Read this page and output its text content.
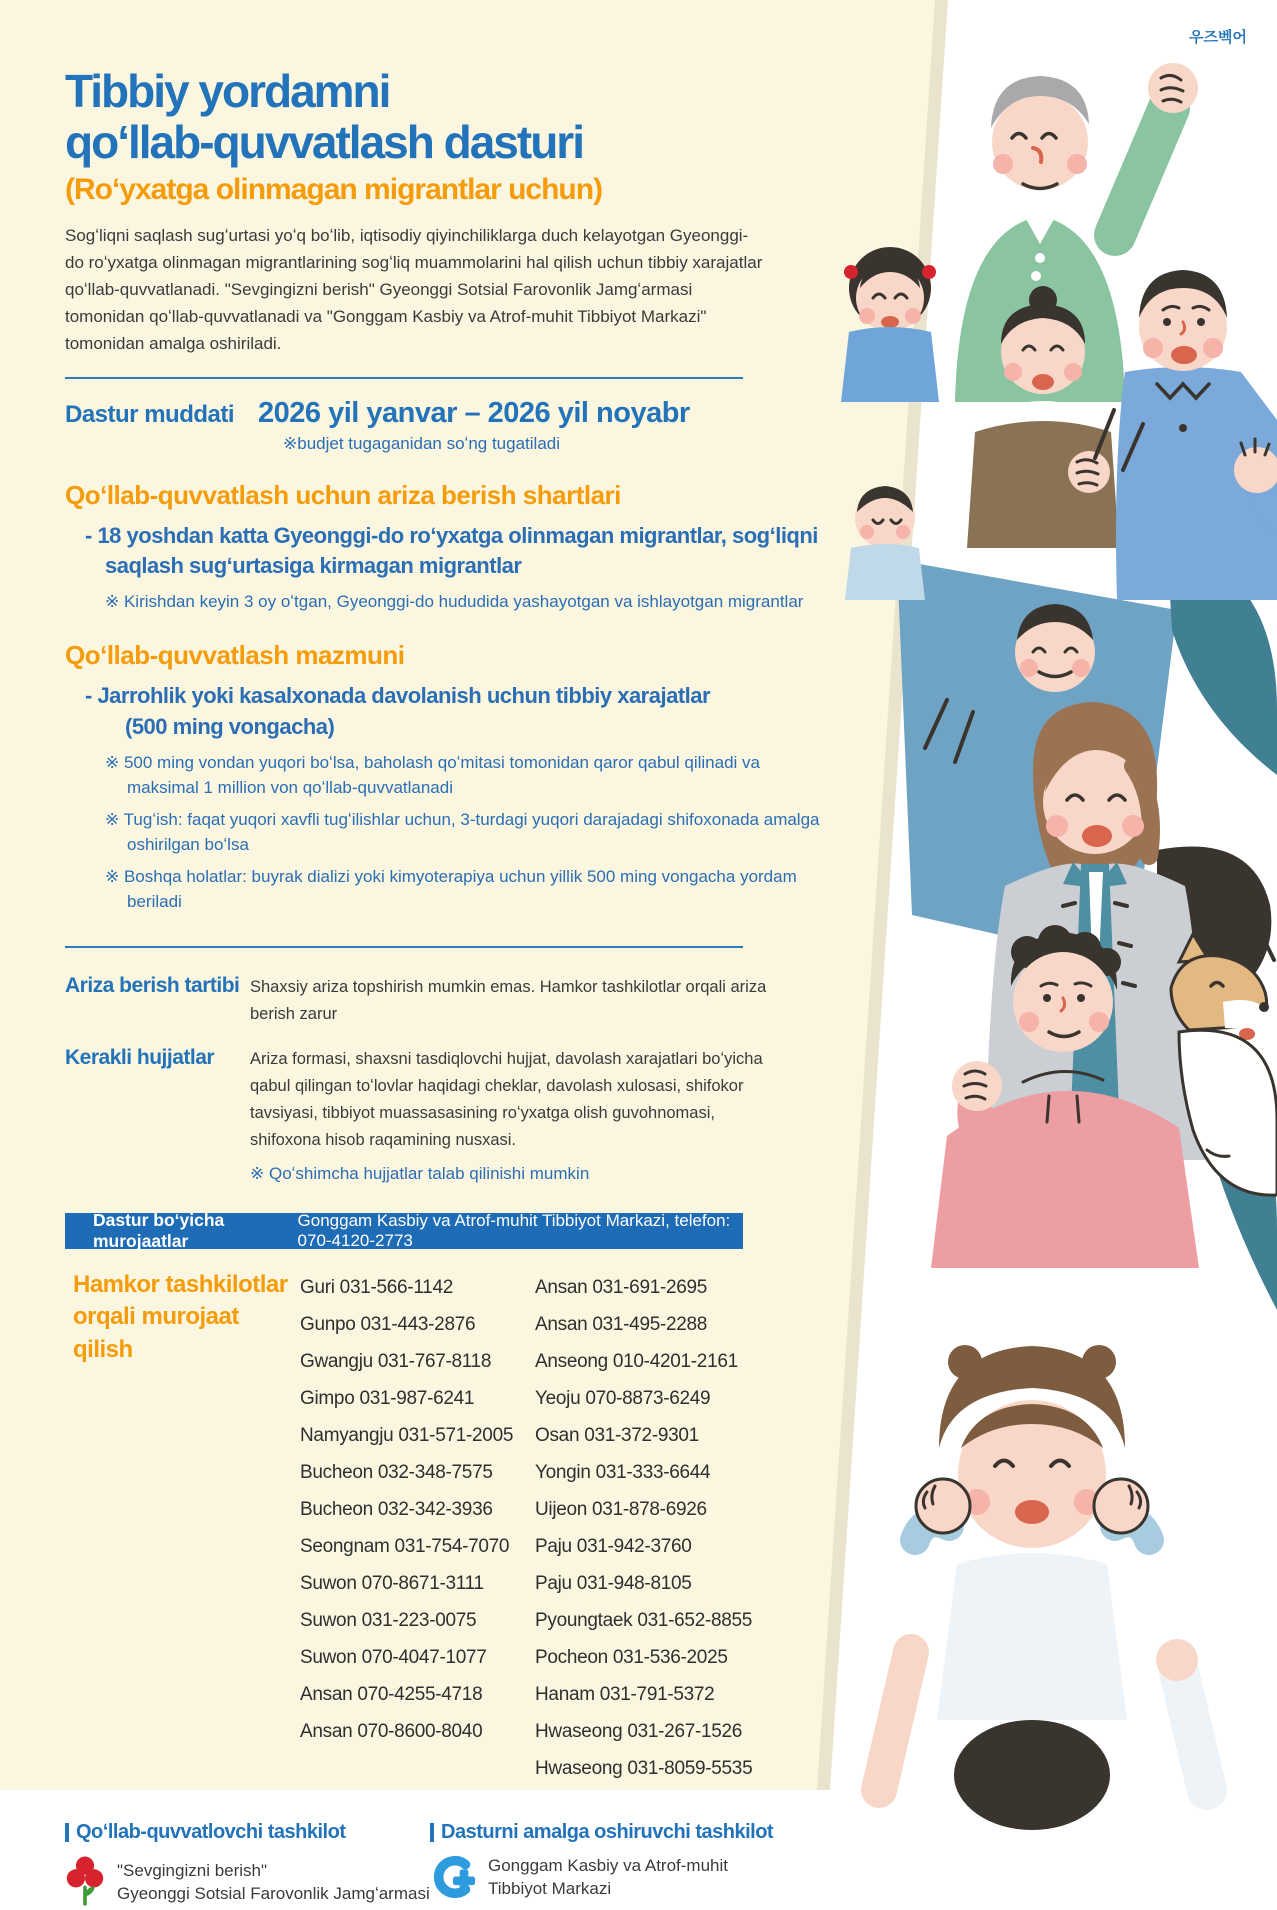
우즈벡어
Tibbiy yordamni
qoʻllab-quvvatlash dasturi
(Roʻyxatga olinmagan migrantlar uchun)

Sogʻliqni saqlash sugʻurtasi yoʻq boʻlib, iqtisodiy qiyinchiliklarga duch kelayotgan Gyeonggi-do roʻyxatga olinmagan migrantlarining sogʻliq muammolarini hal qilish uchun tibbiy xarajatlar qoʻllab-quvvatlanadi. "Sevgingizni berish" Gyeonggi Sotsial Farovonlik Jamgʻarmasi tomonidan qoʻllab-quvvatlanadi va "Gonggam Kasbiy va Atrof-muhit Tibbiyot Markazi" tomonidan amalga oshiriladi.

Dastur muddati 2026 yil yanvar – 2026 yil noyabr
※budjet tugaganidan soʻng tugatiladi
Qoʻllab-quvvatlash uchun ariza berish shartlari
- 18 yoshdan katta Gyeonggi-do roʻyxatga olinmagan migrantlar, sogʻliqni saqlash sugʻurtasiga kirmagan migrantlar
※ Kirishdan keyin 3 oy oʻtgan, Gyeonggi-do hududida yashayotgan va ishlayotgan migrantlar
Qoʻllab-quvvatlash mazmuni
- Jarrohlik yoki kasalxonada davolanish uchun tibbiy xarajatlar
(500 ming vongacha)
※ 500 ming vondan yuqori boʻlsa, baholash qoʻmitasi tomonidan qaror qabul qilinadi va maksimal 1 million von qoʻllab-quvvatlanadi
※ Tugʻish: faqat yuqori xavfli tugʻilishlar uchun, 3-turdagi yuqori darajadagi shifoxonada amalga oshirilgan boʻlsa
※ Boshqa holatlar: buyrak dializi yoki kimyoterapiya uchun yillik 500 ming vongacha yordam beriladi
Ariza berish tartibi Shaxsiy ariza topshirish mumkin emas. Hamkor tashkilotlar orqali ariza berish zarur
Kerakli hujjatlar	Ariza formasi, shaxsni tasdiqlovchi hujjat, davolash xarajatlari boʻyicha qabul qilingan toʻlovlar haqidagi cheklar, davolash xulosasi, shifokor tavsiyasi, tibbiyot muassasasining roʻyxatga olish guvohnomasi, shifoxona hisob raqamining nusxasi.
※ Qoʻshimcha hujjatlar talab qilinishi mumkin
Dastur boʻyicha murojaatlar
Gonggam Kasbiy va Atrof-muhit Tibbiyot Markazi, telefon: 070-4120-2773
Hamkor tashkilotlar
orqali murojaat qilish
Guri 031-566-1142
Gunpo 031-443-2876
Gwangju 031-767-8118
Gimpo 031-987-6241
Namyangju 031-571-2005
Bucheon 032-348-7575
Bucheon 032-342-3936
Seongnam 031-754-7070
Suwon 070-8671-3111
Suwon 031-223-0075
Suwon 070-4047-1077
Ansan 070-4255-4718
Ansan 070-8600-8040
Ansan 031-691-2695
Ansan 031-495-2288
Anseong 010-4201-2161
Yeoju 070-8873-6249
Osan 031-372-9301
Yongin 031-333-6644
Uijeon 031-878-6926
Paju 031-942-3760
Paju 031-948-8105
Pyoungtaek 031-652-8855
Pocheon 031-536-2025
Hanam 031-791-5372
Hwaseong 031-267-1526
Hwaseong 031-8059-5535
Qoʻllab-quvvatlovchi tashkilot
"Sevgingizni berish"
Gyeonggi Sotsial Farovonlik Jamgʻarmasi
Dasturni amalga oshiruvchi tashkilot
Gonggam Kasbiy va Atrof-muhit
Tibbiyot Markazi
